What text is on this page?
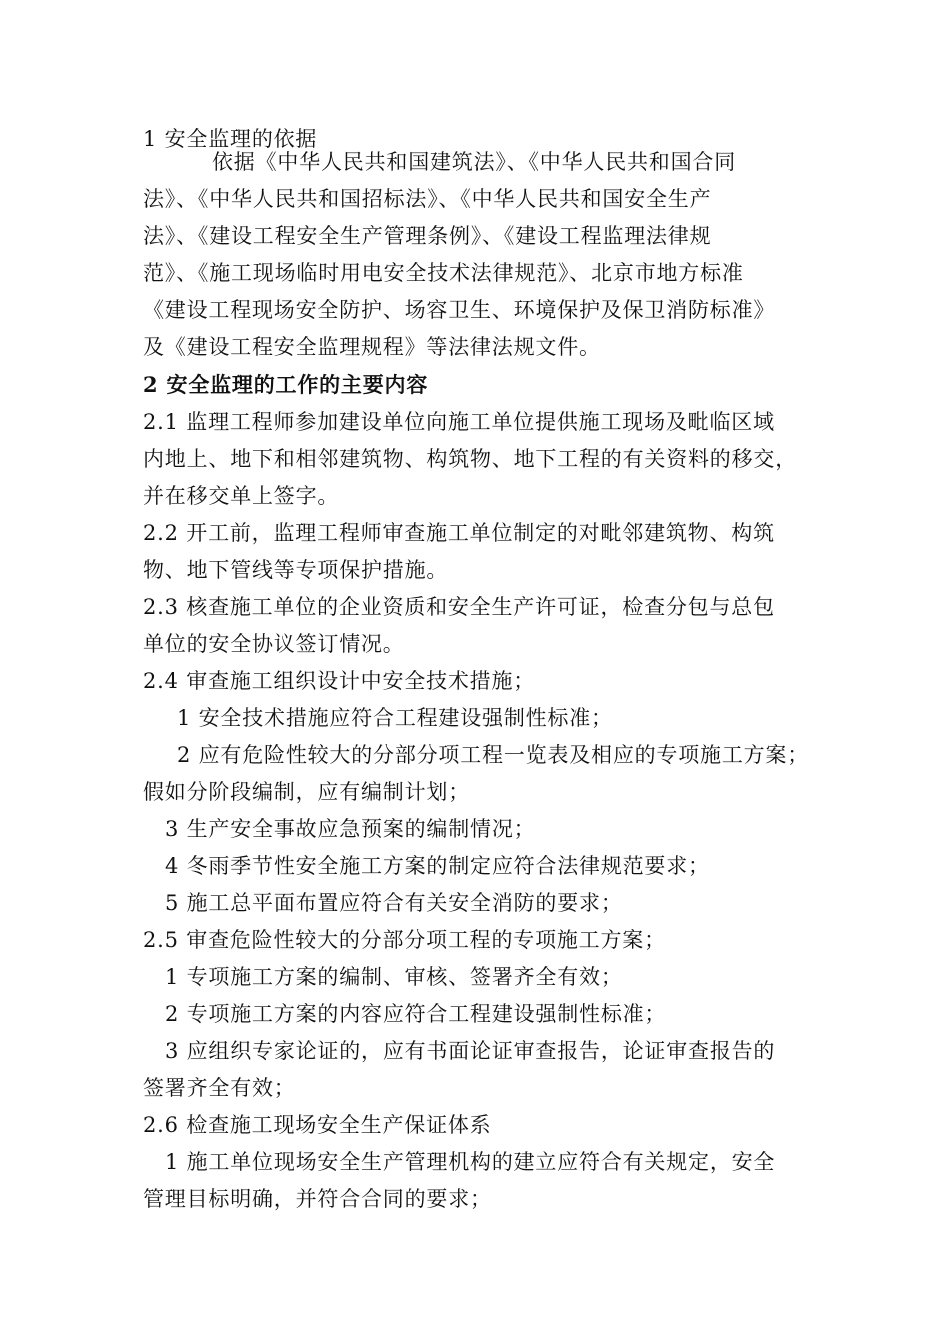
1 安全监理的依据
依据《中华人民共和国建筑法》、《中华人民共和国合同
法》、《中华人民共和国招标法》、《中华人民共和国安全生产
法》、《建设工程安全生产管理条例》、《建设工程监理法律规
范》、《施工现场临时用电安全技术法律规范》、北京市地方标准
《建设工程现场安全防护、场容卫生、环境保护及保卫消防标准》
及《建设工程安全监理规程》等法律法规文件。
2 安全监理的工作的主要内容
2.1 监理工程师参加建设单位向施工单位提供施工现场及毗临区域
内地上、地下和相邻建筑物、构筑物、地下工程的有关资料的移交，
并在移交单上签字。
2.2 开工前，监理工程师审查施工单位制定的对毗邻建筑物、构筑
物、地下管线等专项保护措施。
2.3 核查施工单位的企业资质和安全生产许可证，检查分包与总包
单位的安全协议签订情况。
2.4 审查施工组织设计中安全技术措施；
1 安全技术措施应符合工程建设强制性标准；
2 应有危险性较大的分部分项工程一览表及相应的专项施工方案；
假如分阶段编制，应有编制计划；
3 生产安全事故应急预案的编制情况；
4 冬雨季节性安全施工方案的制定应符合法律规范要求；
5 施工总平面布置应符合有关安全消防的要求；
2.5 审查危险性较大的分部分项工程的专项施工方案；
1 专项施工方案的编制、审核、签署齐全有效；
2 专项施工方案的内容应符合工程建设强制性标准；
3 应组织专家论证的，应有书面论证审查报告，论证审查报告的
签署齐全有效；
2.6 检查施工现场安全生产保证体系
1 施工单位现场安全生产管理机构的建立应符合有关规定，安全
管理目标明确，并符合合同的要求；
